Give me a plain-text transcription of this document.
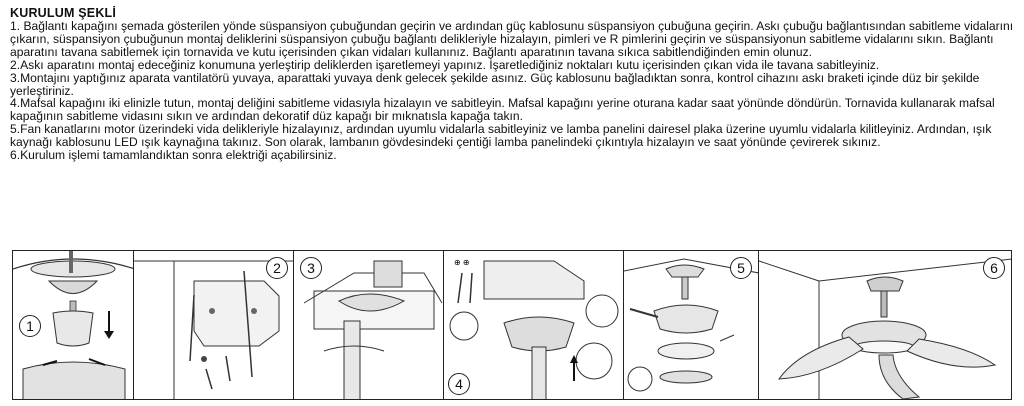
KURULUM ŞEKLİ
1. Bağlantı kapağını şemada gösterilen yönde süspansiyon çubuğundan geçirin ve ardından güç kablosunu süspansiyon çubuğuna geçirin. Askı çubuğu bağlantısından sabitleme vidalarını çıkarın, süspansiyon çubuğunun montaj deliklerini süspansiyon çubuğu bağlantı delikleriyle hizalayın, pimleri ve R pimlerini geçirin ve süspansiyonun sabitleme vidalarını sıkın. Bağlantı aparatını tavana sabitlemek için tornavida ve kutu içerisinden çıkan vidaları kullanınız. Bağlantı aparatının tavana sıkıca sabitlendiğinden emin olunuz.
2.Askı aparatını montaj edeceğiniz konumuna yerleştirip deliklerden işaretlemeyi yapınız. İşaretlediğiniz noktaları kutu içerisinden çıkan vida ile tavana sabitleyiniz.
3.Montajını yaptığınız aparata vantilatörü yuvaya, aparattaki yuvaya denk gelecek şekilde asınız. Güç kablosunu bağladıktan sonra, kontrol cihazını askı braketi içinde düz bir şekilde yerleştiriniz.
4.Mafsal kapağını iki elinizle tutun, montaj deliğini sabitleme vidasıyla hizalayın ve sabitleyin. Mafsal kapağını yerine oturana kadar saat yönünde döndürün. Tornavida kullanarak mafsal kapağının sabitleme vidasını sıkın ve ardından dekoratif düz kapağı bir mıknatısla kapağa takın.
5.Fan kanatlarını motor üzerindeki vida delikleriyle hizalayınız, ardından uyumlu vidalarla sabitleyiniz ve lamba panelini dairesel plaka üzerine uyumlu vidalarla kilitleyiniz. Ardından, ışık kaynağı kablosunu LED ışık kaynağına takınız. Son olarak, lambanın gövdesindeki çentiği lamba panelindeki çıkıntıyla hizalayın ve saat yönünde çevirerek sıkınız.
6.Kurulum işlemi tamamlandıktan sonra elektriği açabilirsiniz.
1
2	3	⊕ ⊕
4
5	6
